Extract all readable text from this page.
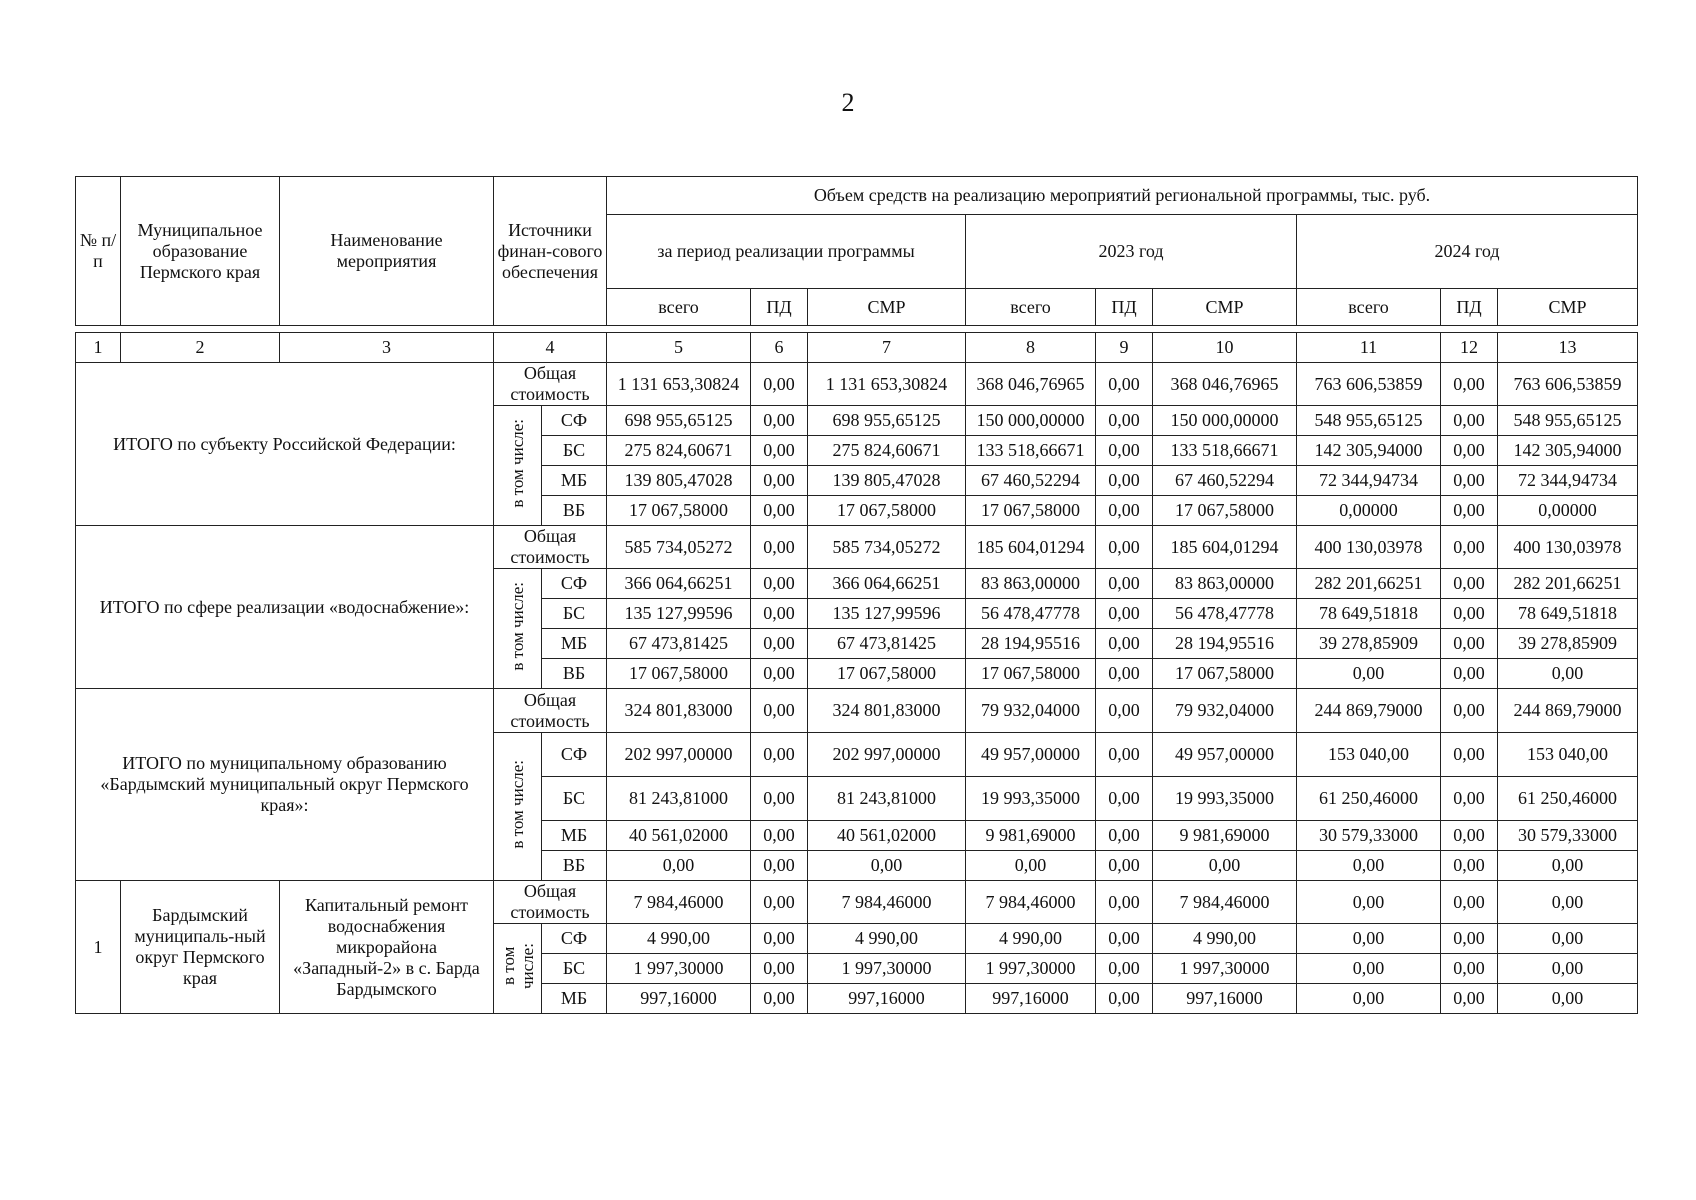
2
№ п/п	Муниципальное образование Пермского края	Наименование мероприятия	Источники финан-сового обеспечения		Объем средств на реализацию мероприятий региональной программы, тыс. руб.								
					за период реализации программы			2023 год			2024 год		
					всего	ПД	СМР	всего	ПД	СМР	всего	ПД	СМР

1	2	3	4		5	6	7	8	9	10	11	12	13
ИТОГО по субъекту Российской Федерации:			Общая стоимость		1 131 653,30824	0,00	1 131 653,30824	368 046,76965	0,00	368 046,76965	763 606,53859	0,00	763 606,53859
			в том числе:	СФ	698 955,65125	0,00	698 955,65125	150 000,00000	0,00	150 000,00000	548 955,65125	0,00	548 955,65125
				БС	275 824,60671	0,00	275 824,60671	133 518,66671	0,00	133 518,66671	142 305,94000	0,00	142 305,94000
				МБ	139 805,47028	0,00	139 805,47028	67 460,52294	0,00	67 460,52294	72 344,94734	0,00	72 344,94734
				ВБ	17 067,58000	0,00	17 067,58000	17 067,58000	0,00	17 067,58000	0,00000	0,00	0,00000
ИТОГО по сфере реализации «водоснабжение»:			Общая стоимость		585 734,05272	0,00	585 734,05272	185 604,01294	0,00	185 604,01294	400 130,03978	0,00	400 130,03978
			в том числе:	СФ	366 064,66251	0,00	366 064,66251	83 863,00000	0,00	83 863,00000	282 201,66251	0,00	282 201,66251
				БС	135 127,99596	0,00	135 127,99596	56 478,47778	0,00	56 478,47778	78 649,51818	0,00	78 649,51818
				МБ	67 473,81425	0,00	67 473,81425	28 194,95516	0,00	28 194,95516	39 278,85909	0,00	39 278,85909
				ВБ	17 067,58000	0,00	17 067,58000	17 067,58000	0,00	17 067,58000	0,00	0,00	0,00
ИТОГО по муниципальному образованию «Бардымский муниципальный округ Пермского края»:			Общая стоимость		324 801,83000	0,00	324 801,83000	79 932,04000	0,00	79 932,04000	244 869,79000	0,00	244 869,79000
			в том числе:	СФ	202 997,00000	0,00	202 997,00000	49 957,00000	0,00	49 957,00000	153 040,00	0,00	153 040,00
				БС	81 243,81000	0,00	81 243,81000	19 993,35000	0,00	19 993,35000	61 250,46000	0,00	61 250,46000
				МБ	40 561,02000	0,00	40 561,02000	9 981,69000	0,00	9 981,69000	30 579,33000	0,00	30 579,33000
				ВБ	0,00	0,00	0,00	0,00	0,00	0,00	0,00	0,00	0,00
1	Бардымский муниципаль-ный округ Пермского края	Капитальный ремонт водоснабжения микрорайона «Западный-2» в с. Барда Бардымского	Общая стоимость		7 984,46000	0,00	7 984,46000	7 984,46000	0,00	7 984,46000	0,00	0,00	0,00
			в том числе:	СФ	4 990,00	0,00	4 990,00	4 990,00	0,00	4 990,00	0,00	0,00	0,00
				БС	1 997,30000	0,00	1 997,30000	1 997,30000	0,00	1 997,30000	0,00	0,00	0,00
				МБ	997,16000	0,00	997,16000	997,16000	0,00	997,16000	0,00	0,00	0,00
